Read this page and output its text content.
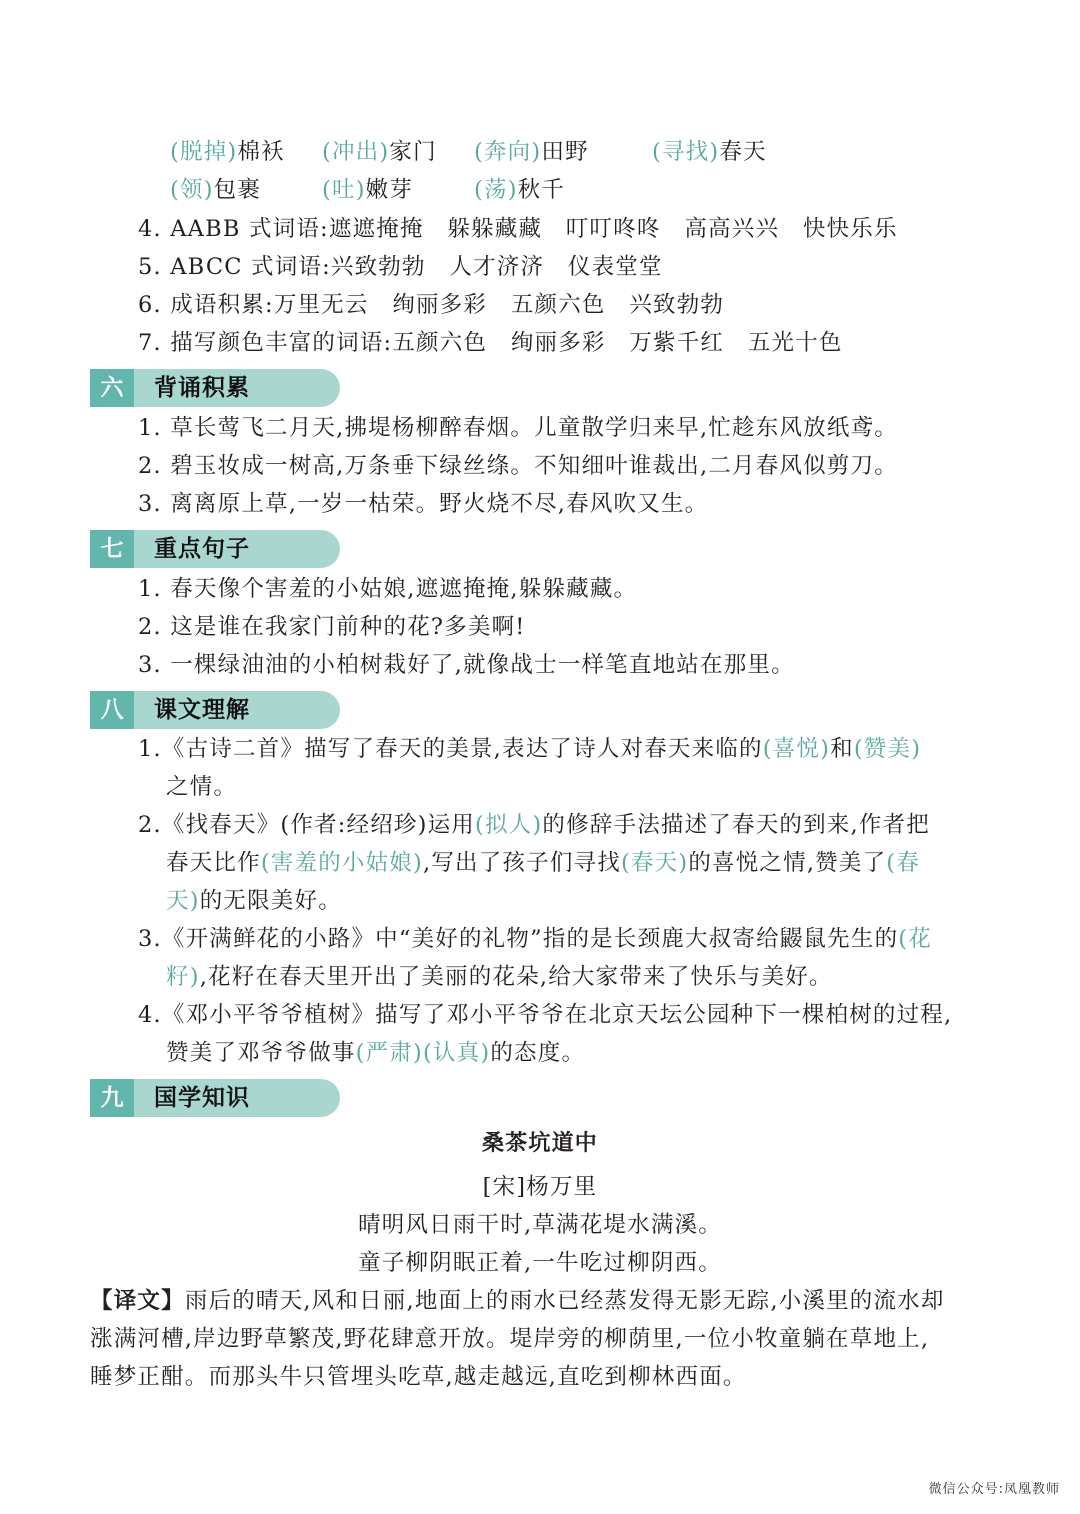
(脱掉)棉袄 (冲出)家门 (奔向)田野	(寻找)春天
(领)包裹	(吐)嫩芽	(荡)秋千
4. AABB 式词语:遮遮掩掩　躲躲藏藏　叮叮咚咚　高高兴兴　快快乐乐
5. ABCC 式词语:兴致勃勃　人才济济　仪表堂堂
6. 成语积累:万里无云　绚丽多彩　五颜六色　兴致勃勃
7. 描写颜色丰富的词语:五颜六色　绚丽多彩　万紫千红　五光十色
六	背诵积累
1. 草长莺飞二月天,拂堤杨柳醉春烟。儿童散学归来早,忙趁东风放纸鸢。
2. 碧玉妆成一树高,万条垂下绿丝绦。不知细叶谁裁出,二月春风似剪刀。
3. 离离原上草,一岁一枯荣。野火烧不尽,春风吹又生。
七	重点句子
1. 春天像个害羞的小姑娘,遮遮掩掩,躲躲藏藏。
2. 这是谁在我家门前种的花?多美啊!
3. 一棵绿油油的小柏树栽好了,就像战士一样笔直地站在那里。
八	课文理解
1.《古诗二首》描写了春天的美景,表达了诗人对春天来临的(喜悦)和(赞美)
之情。
2.《找春天》(作者:经绍珍)运用(拟人)的修辞手法描述了春天的到来,作者把
春天比作(害羞的小姑娘),写出了孩子们寻找(春天)的喜悦之情,赞美了(春
天)的无限美好。
3.《开满鲜花的小路》中“美好的礼物”指的是长颈鹿大叔寄给鼹鼠先生的(花
籽),花籽在春天里开出了美丽的花朵,给大家带来了快乐与美好。
4.《邓小平爷爷植树》描写了邓小平爷爷在北京天坛公园种下一棵柏树的过程,
赞美了邓爷爷做事(严肃)(认真)的态度。
九	国学知识
桑茶坑道中
[宋]杨万里
晴明风日雨干时,草满花堤水满溪。
童子柳阴眠正着,一牛吃过柳阴西。
【译文】雨后的晴天,风和日丽,地面上的雨水已经蒸发得无影无踪,小溪里的流水却
涨满河槽,岸边野草繁茂,野花肆意开放。堤岸旁的柳荫里,一位小牧童躺在草地上,
睡梦正酣。而那头牛只管埋头吃草,越走越远,直吃到柳林西面。
微信公众号:凤凰教师
